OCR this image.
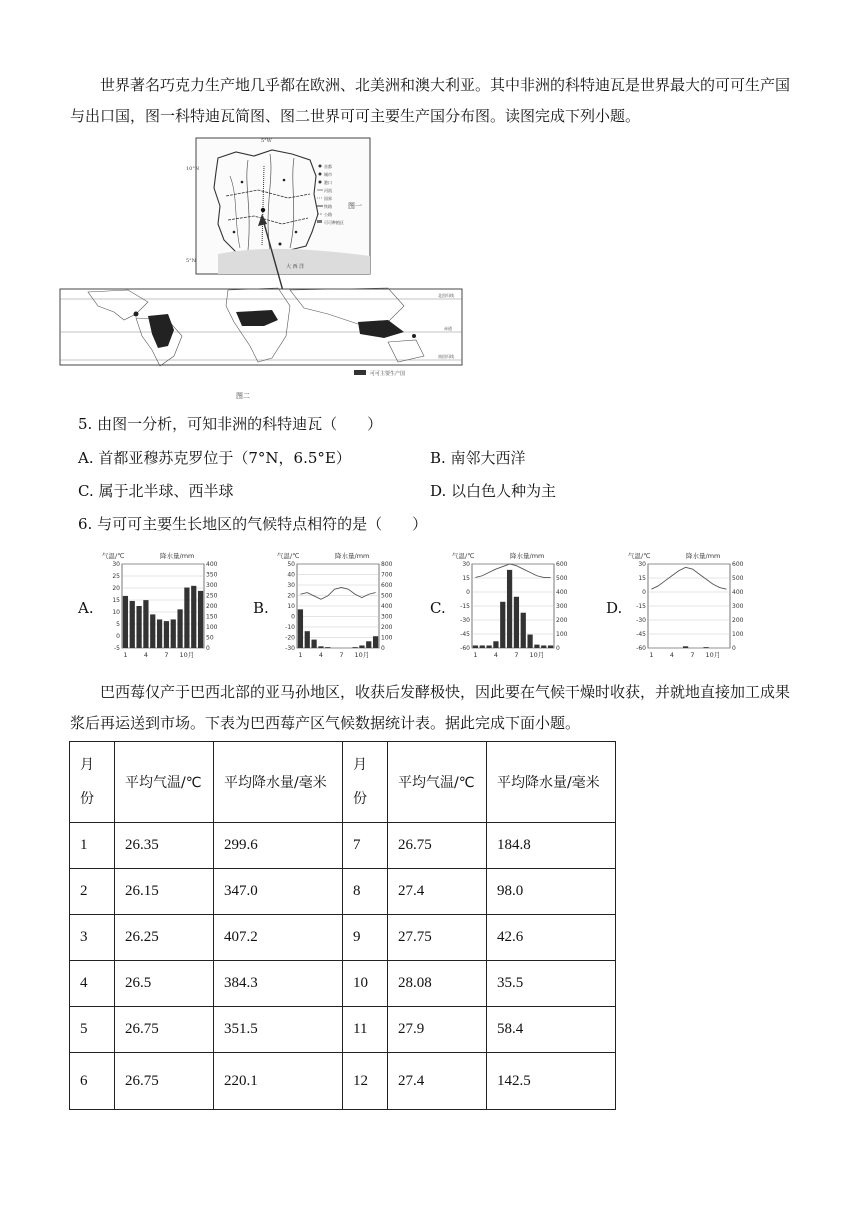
世界著名巧克力生产地几乎都在欧洲、北美洲和澳大利亚。其中非洲的科特迪瓦是世界最大的可可生产国与出口国，图一科特迪瓦简图、图二世界可可主要生产国分布图。读图完成下列小题。

10°N
5°N
5°W
大 西 洋
首都
城市
港口
河流
国界
铁路
公路
可可种植区
图一
北回归线
赤道
南回归线
可可主要生产国
图二
5. 由图一分析，可知非洲的科特迪瓦（　　）
A. 首都亚穆苏克罗位于（7°N，6.5°E）	B. 南邻大西洋
C. 属于北半球、西半球	D. 以白色人种为主
6. 与可可主要生长地区的气候特点相符的是（　　）
A.	B.	C.	D.
气温/℃	降水量/mm
30
25
20
15
10
5
0
-5
400
350
300
250
200
150
100
50
0
1	4	7 10月
气温/℃	降水量/mm
50
40
30
20
10
0
-10
-20
-30
800
700
600
500
400
300
200
100
0
1	4	7 10月
气温/℃	降水量/mm
30
15
0
-15
-30
-45
-60
600
500
400
300
200
100
0
1	4	7 10月
气温/℃	降水量/mm
30
15
0
-15
-30
-45
-60
600
500
400
300
200
100
0
1	4	7 10月

巴西莓仅产于巴西北部的亚马孙地区，收获后发酵极快，因此要在气候干燥时收获，并就地直接加工成果浆后再运送到市场。下表为巴西莓产区气候数据统计表。据此完成下面小题。

月份	平均气温/℃	平均降水量/毫米	月份	平均气温/℃	平均降水量/毫米
1	26.35	299.6	7	26.75	184.8
2	26.15	347.0	8	27.4	98.0
3	26.25	407.2	9	27.75	42.6
4	26.5	384.3	10	28.08	35.5
5	26.75	351.5	11	27.9	58.4
6	26.75	220.1	12	27.4	142.5
